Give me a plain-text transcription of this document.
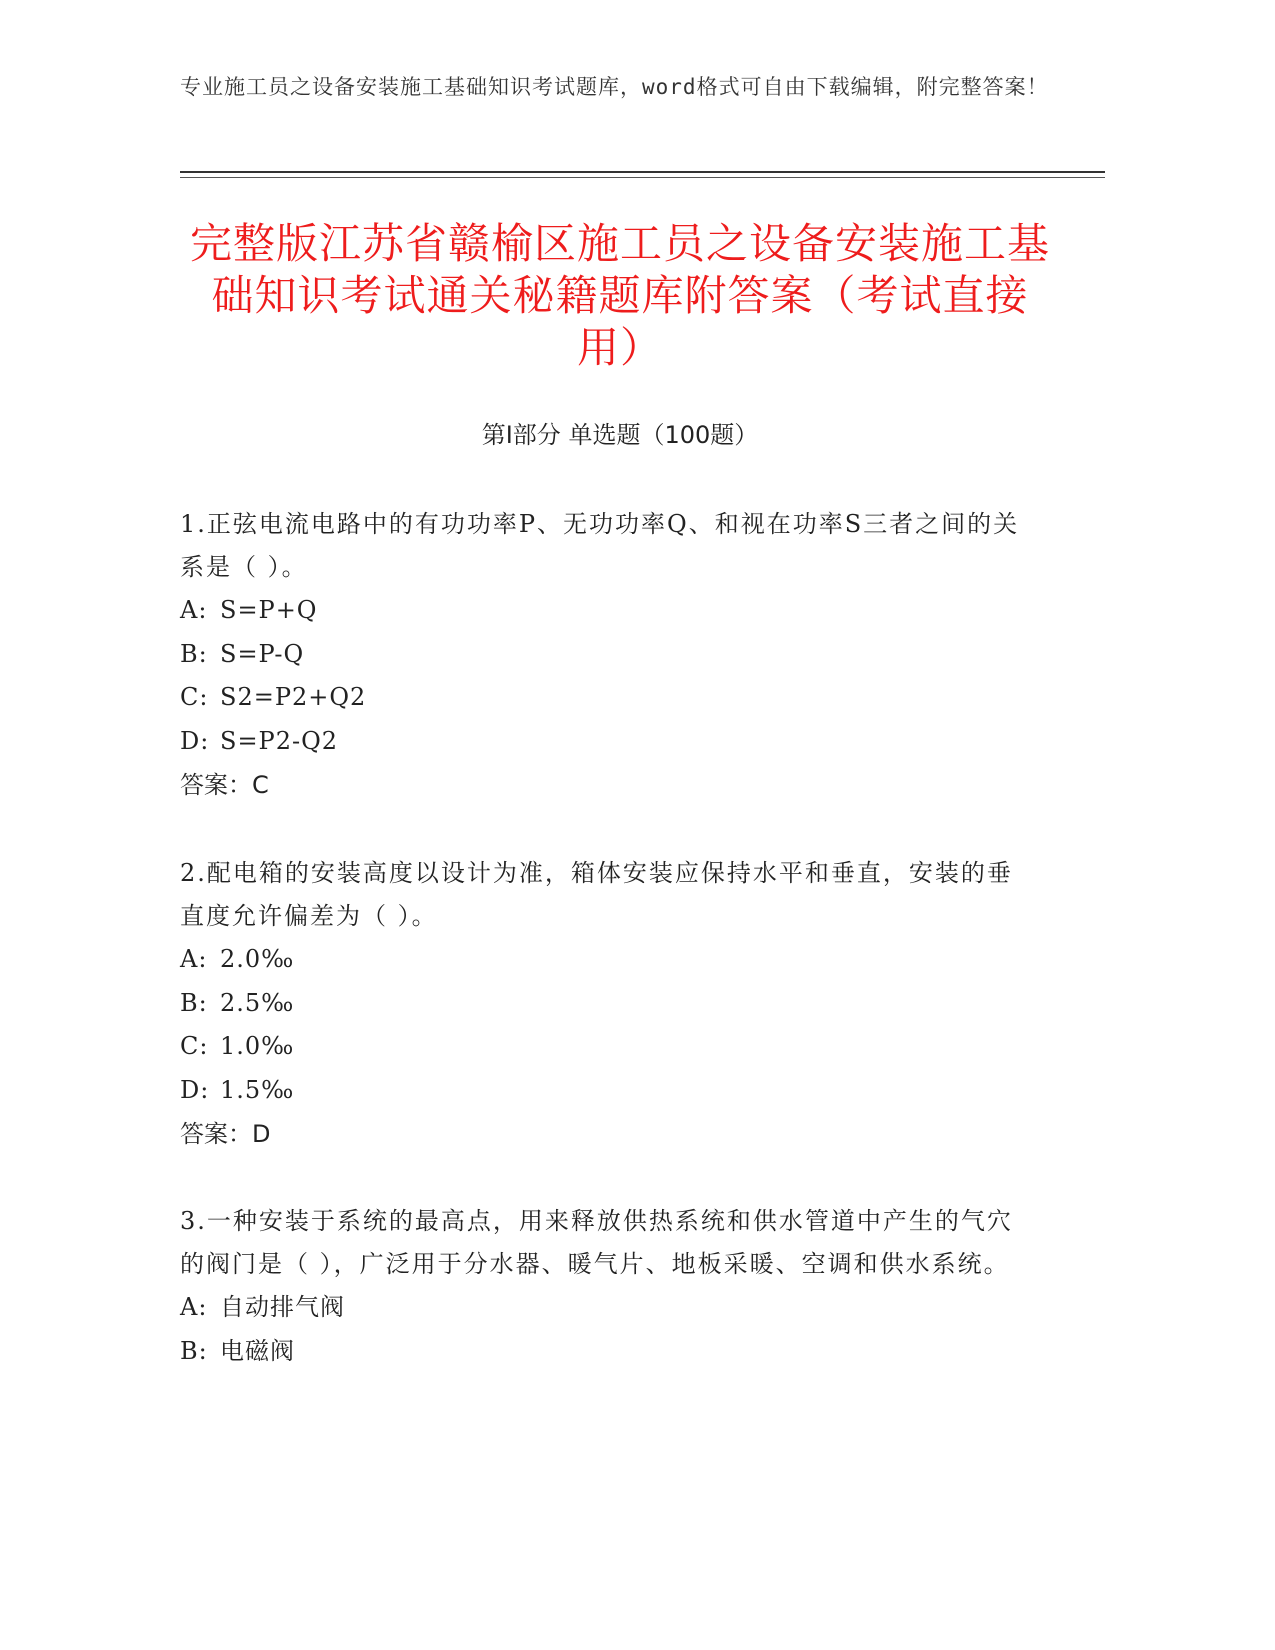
专业施工员之设备安装施工基础知识考试题库，word格式可自由下载编辑，附完整答案！
完整版江苏省赣榆区施工员之设备安装施工基础知识考试通关秘籍题库附答案（考试直接用）
第Ⅰ部分 单选题（100题）

1.正弦电流电路中的有功功率P、无功功率Q、和视在功率S三者之间的关系是（ ）。

A: S=P+Q

B: S=P-Q

C: S2=P2+Q2

D: S=P2-Q2

答案：C

2.配电箱的安装高度以设计为准，箱体安装应保持水平和垂直，安装的垂直度允许偏差为（ ）。

A: 2.0‰

B: 2.5‰

C: 1.0‰

D: 1.5‰

答案：D

3.一种安装于系统的最高点，用来释放供热系统和供水管道中产生的气穴的阀门是（ ），广泛用于分水器、暖气片、地板采暖、空调和供水系统。

A: 自动排气阀

B: 电磁阀
